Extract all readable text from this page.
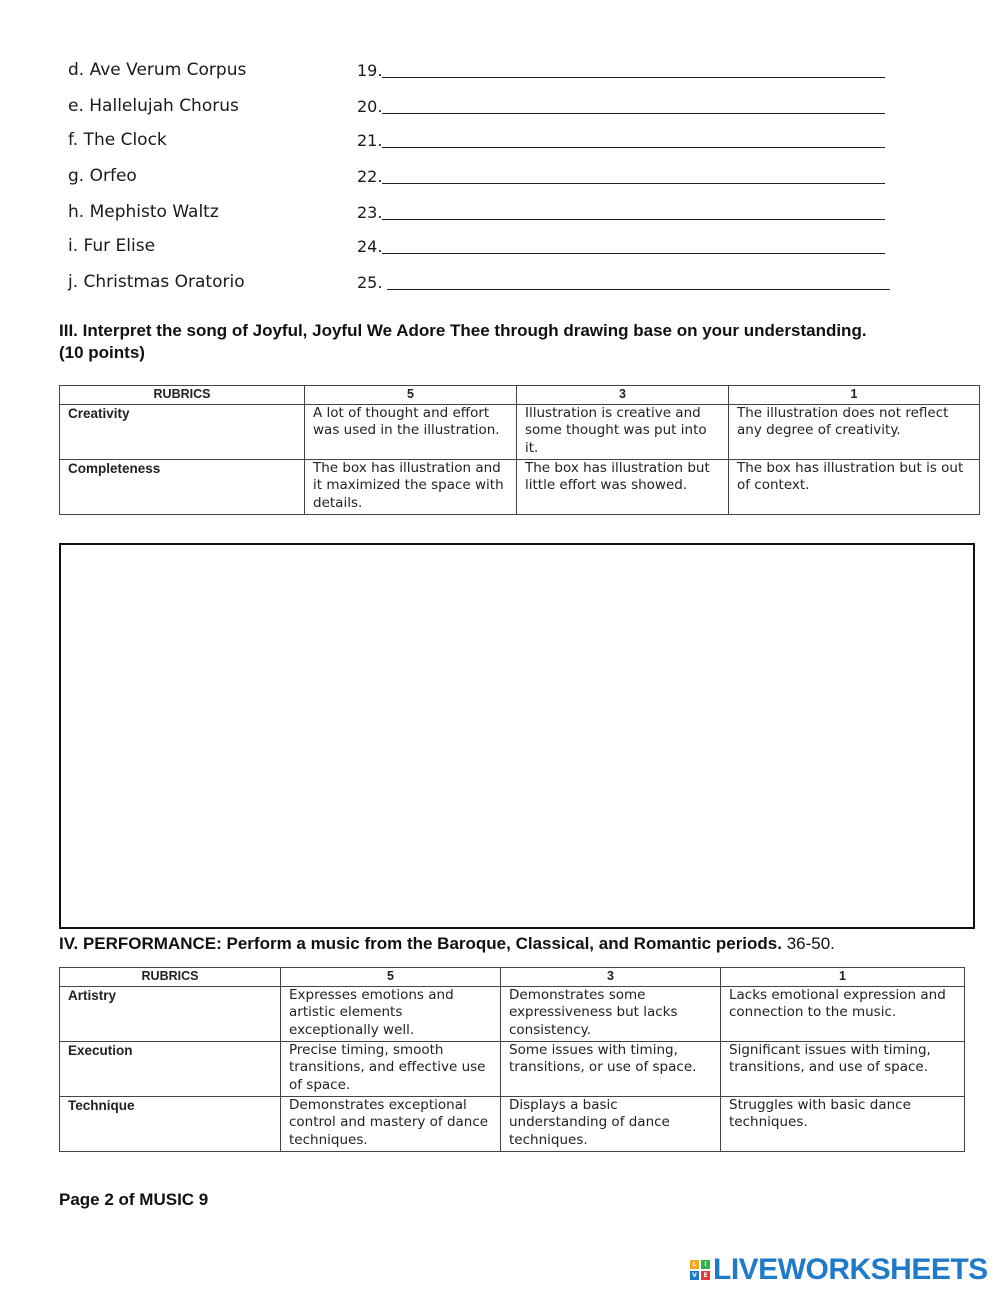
d. Ave Verum Corpus	19.
e. Hallelujah Chorus	20.
f. The Clock	21.
g. Orfeo	22.
h. Mephisto Waltz	23.
i. Fur Elise	24.
j. Christmas Oratorio	25.
III. Interpret the song of Joyful, Joyful We Adore Thee through drawing base on your understanding.
(10 points)
RUBRICS	5	3	1
Creativity	A lot of thought and effort was used in the illustration.	Illustration is creative and some thought was put into it.	The illustration does not reflect any degree of creativity.
Completeness	The box has illustration and it maximized the space with details.	The box has illustration but little effort was showed.	The box has illustration but is out of context.
IV. PERFORMANCE: Perform a music from the Baroque, Classical, and Romantic periods. 36-50.
RUBRICS	5	3	1
Artistry	Expresses emotions and artistic elements exceptionally well.	Demonstrates some expressiveness but lacks consistency.	Lacks emotional expression and connection to the music.
Execution	Precise timing, smooth transitions, and effective use of space.	Some issues with timing, transitions, or use of space.	Significant issues with timing, transitions, and use of space.
Technique	Demonstrates exceptional control and mastery of dance techniques.	Displays a basic understanding of dance techniques.	Struggles with basic dance techniques.
Page 2 of MUSIC 9
L	I
V	E LIVEWORKSHEETS
